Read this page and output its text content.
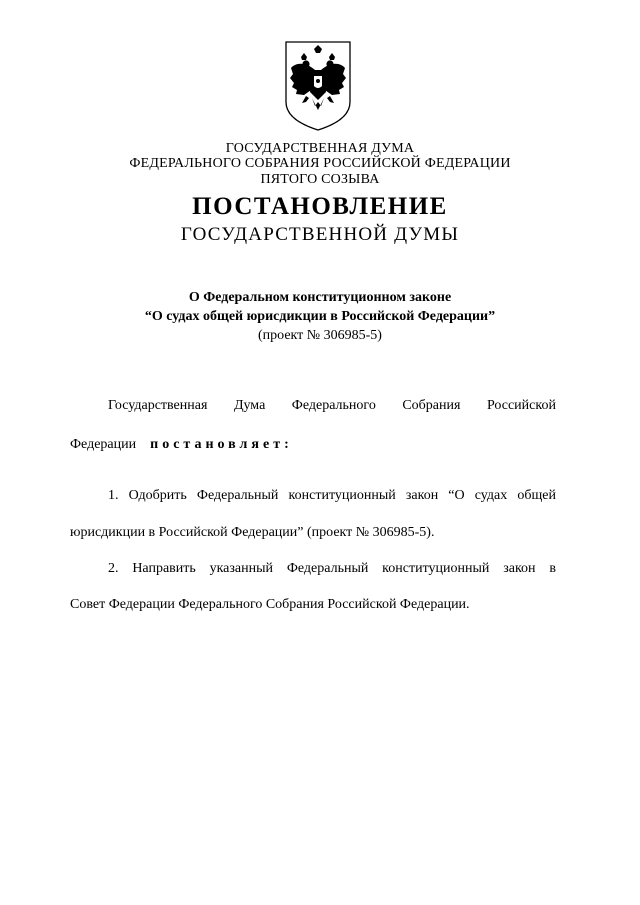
ГОСУДАРСТВЕННАЯ ДУМА
ФЕДЕРАЛЬНОГО СОБРАНИЯ РОССИЙСКОЙ ФЕДЕРАЦИИ
ПЯТОГО СОЗЫВА
ПОСТАНОВЛЕНИЕ
ГОСУДАРСТВЕННОЙ ДУМЫ
О Федеральном конституционном законе
“О судах общей юрисдикции в Российской Федерации”
(проект № 306985-5)
Государственная Дума Федерального Собрания Российской
Федерации постановляет:
1. Одобрить Федеральный конституционный закон “О судах общей
юрисдикции в Российской Федерации” (проект № 306985-5).
2. Направить указанный Федеральный конституционный закон в
Совет Федерации Федерального Собрания Российской Федерации.
